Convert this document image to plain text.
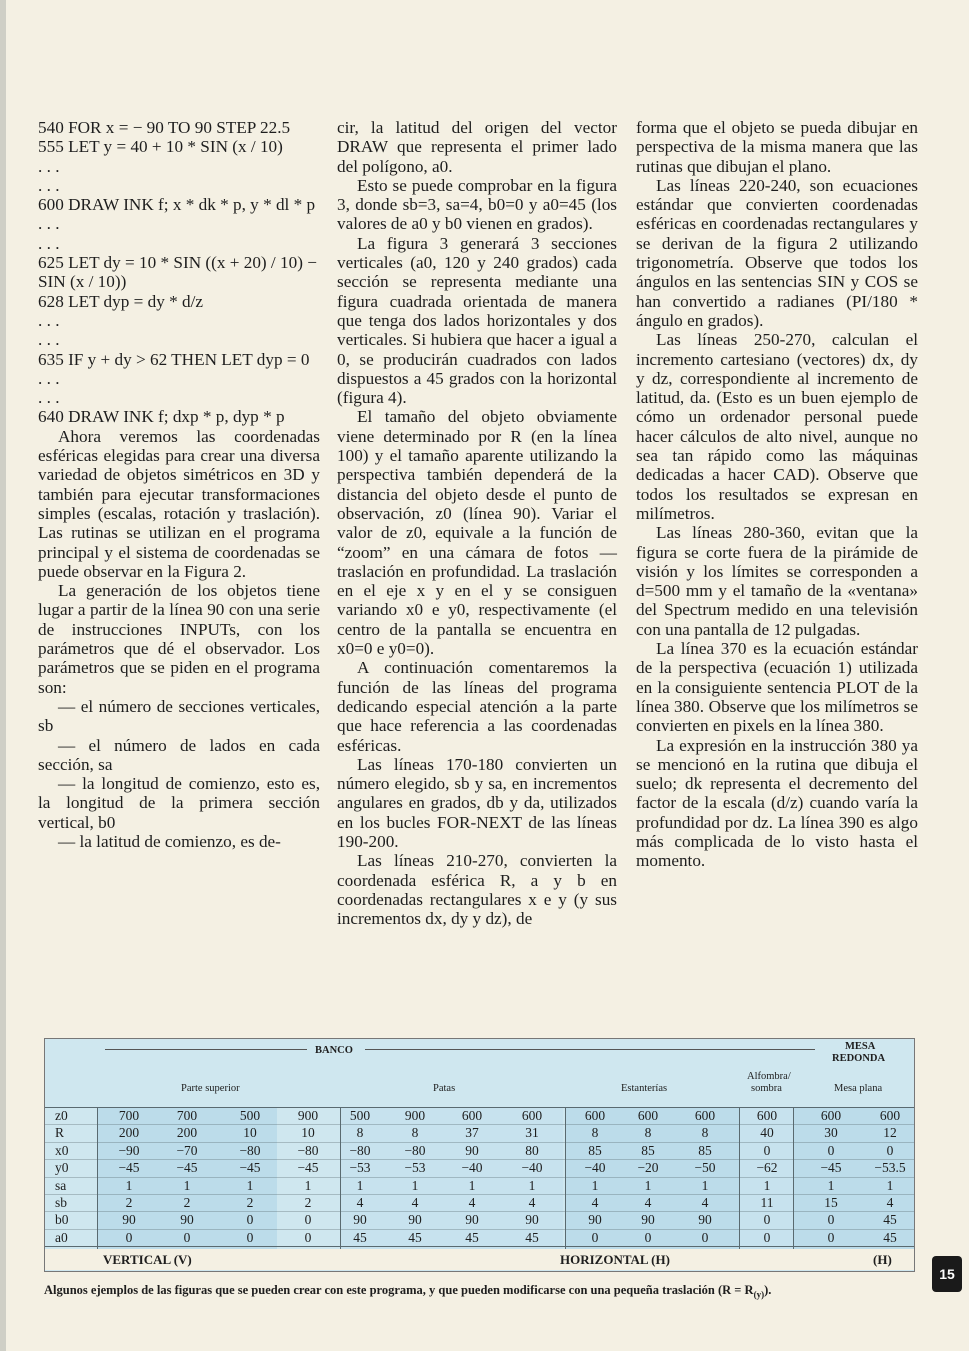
540 FOR x = − 90 TO 90 STEP 22.5

555 LET y = 40 + 10 * SIN (x / 10)

. . .

. . .

600 DRAW INK f; x * dk * p, y * dl * p

. . .

. . .

625 LET dy = 10 * SIN ((x + 20) / 10) − SIN (x / 10))

628 LET dyp = dy * d/z

. . .

. . .

635 IF y + dy > 62 THEN LET dyp = 0

. . .

. . .

640 DRAW INK f; dxp * p, dyp * p

Ahora veremos las coordenadas esféricas elegidas para crear una diversa variedad de objetos simétricos en 3D y también para ejecutar transformaciones simples (escalas, rotación y traslación). Las rutinas se utilizan en el programa principal y el sistema de coordenadas se puede observar en la Figura 2.

La generación de los objetos tiene lugar a partir de la línea 90 con una serie de instrucciones INPUTs, con los parámetros que dé el observador. Los parámetros que se piden en el programa son:

— el número de secciones verticales, sb

— el número de lados en cada sección, sa

— la longitud de comienzo, esto es, la longitud de la primera sección vertical, b0

— la latitud de comienzo, es de-

cir, la latitud del origen del vector DRAW que representa el primer lado del polígono, a0.

Esto se puede comprobar en la figura 3, donde sb=3, sa=4, b0=0 y a0=45 (los valores de a0 y b0 vienen en grados).

La figura 3 generará 3 secciones verticales (a0, 120 y 240 grados) cada sección se representa mediante una figura cuadrada orientada de manera que tenga dos lados horizontales y dos verticales. Si hubiera que hacer a igual a 0, se producirán cuadrados con lados dispuestos a 45 grados con la horizontal (figura 4).

El tamaño del objeto obviamente viene determinado por R (en la línea 100) y el tamaño aparente utilizando la perspectiva también dependerá de la distancia del objeto desde el punto de observación, z0 (línea 90). Variar el valor de z0, equivale a la función de “zoom” en una cámara de fotos — traslación en profundidad. La traslación en el eje x y en el y se consiguen variando x0 e y0, respectivamente (el centro de la pantalla se encuentra en x0=0 e y0=0).

A continuación comentaremos la función de las líneas del programa dedicando especial atención a la parte que hace referencia a las coordenadas esféricas.

Las líneas 170-180 convierten un número elegido, sb y sa, en incrementos angulares en grados, db y da, utilizados en los bucles FOR-NEXT de las líneas 190-200.

Las líneas 210-270, convierten la coordenada esférica R, a y b en coordenadas rectangulares x e y (y sus incrementos dx, dy y dz), de

forma que el objeto se pueda dibujar en perspectiva de la misma manera que las rutinas que dibujan el plano.

Las líneas 220-240, son ecuaciones estándar que convierten coordenadas esféricas en coordenadas rectangulares y se derivan de la figura 2 utilizando trigonometría. Observe que todos los ángulos en las sentencias SIN y COS se han convertido a radianes (PI/180 * ángulo en grados).

Las líneas 250-270, calculan el incremento cartesiano (vectores) dx, dy y dz, correspondiente al incremento de latitud, da. (Esto es un buen ejemplo de cómo un ordenador personal puede hacer cálculos de alto nivel, aunque no sea tan rápido como las máquinas dedicadas a hacer CAD). Observe que todos los resultados se expresan en milímetros.

Las líneas 280-360, evitan que la figura se corte fuera de la pirámide de visión y los límites se corresponden a d=500 mm y el tamaño de la «ventana» del Spectrum medido en una televisión con una pantalla de 12 pulgadas.

La línea 370 es la ecuación estándar de la perspectiva (ecuación 1) utilizada en la consiguiente sentencia PLOT de la línea 380. Observe que los milímetros se convierten en pixels en la línea 380.

La expresión en la instrucción 380 ya se mencionó en la rutina que dibuja el suelo; dk representa el decremento del factor de la escala (d/z) cuando varía la profundidad por dz. La línea 390 es algo más complicada de lo visto hasta el momento.

BANCO
Parte superior	Patas	Estanterías
Alfombra/
sombra
MESA
REDONDA
Mesa plana
z0	700	700	500	900	500	900	600	600	600	600	600	600	600	600
R	200	200	10	10	8	8	37	31	8	8	8	40	30	12
x0	−90	−70	−80	−80	−80	−80	90	80	85	85	85	0	0	0
y0	−45	−45	−45	−45	−53	−53	−40	−40	−40	−20	−50	−62	−45	−53.5
sa	1	1	1	1	1	1	1	1	1	1	1	1	1	1
sb	2	2	2	2	4	4	4	4	4	4	4	11	15	4
b0	90	90	0	0	90	90	90	90	90	90	90	0	0	45
a0	0	0	0	0	45	45	45	45	0	0	0	0	0	45
VERTICAL (V)	HORIZONTAL (H)	(H)
Algunos ejemplos de las figuras que se pueden crear con este programa, y que pueden modificarse con una pequeña traslación $(R = R_{(y)})$.
15
